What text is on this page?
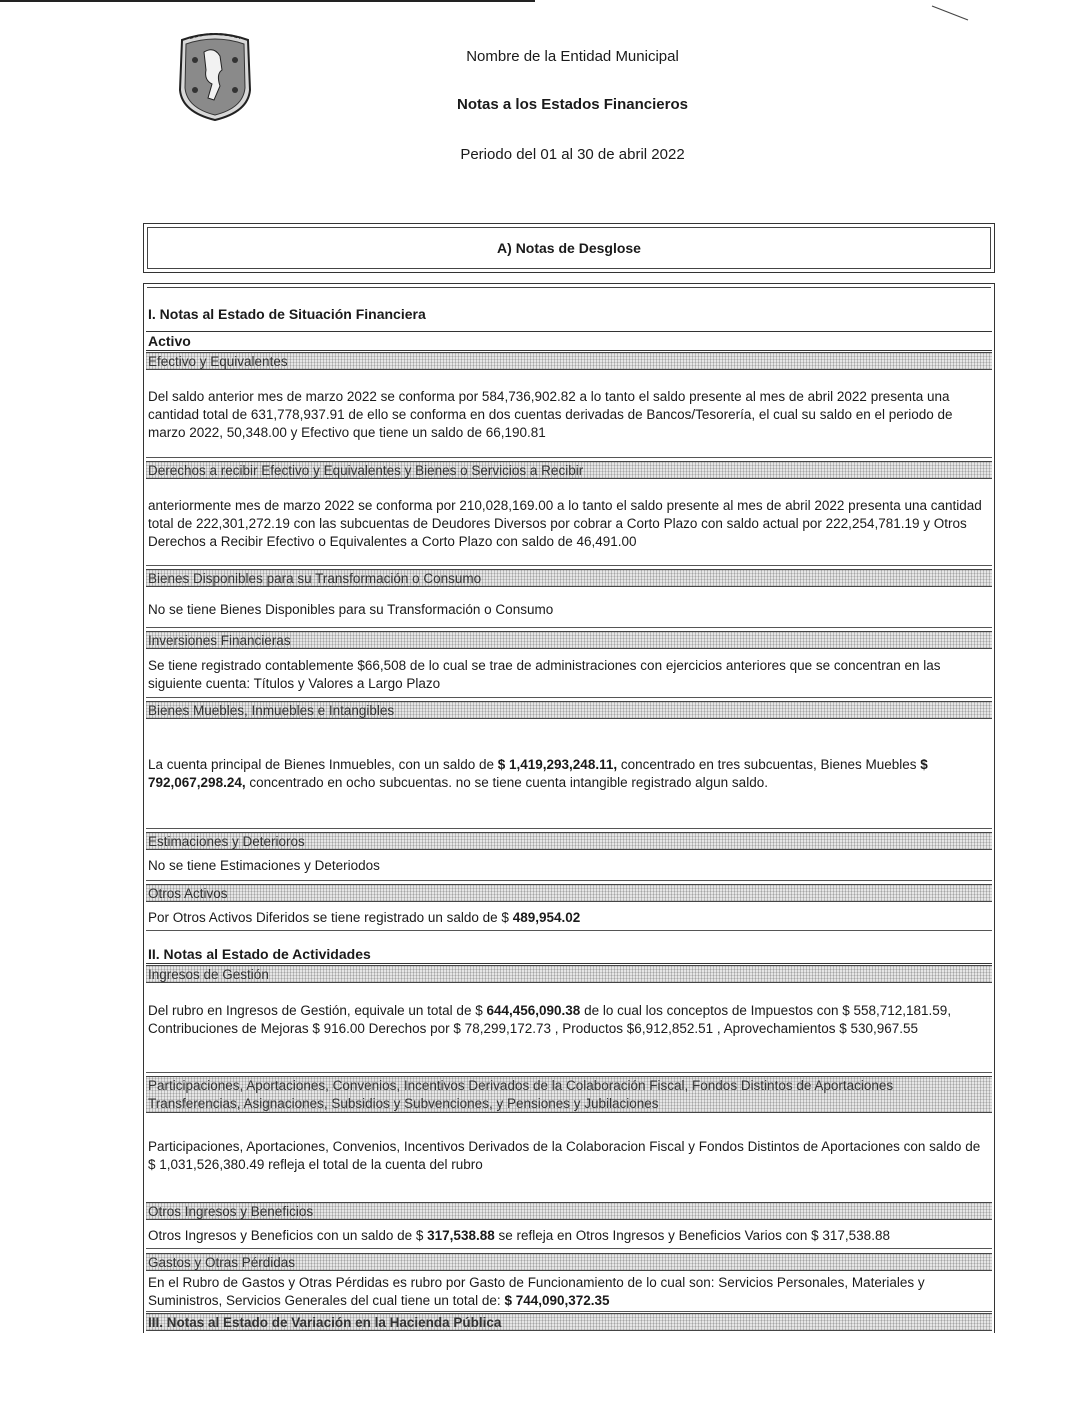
Nombre de la Entidad Municipal
Notas a los Estados Financieros
Periodo del 01 al 30 de abril 2022
A) Notas de Desglose
I. Notas al Estado de Situación Financiera
Activo
Efectivo y Equivalentes

Del saldo anterior mes de marzo 2022 se conforma por 584,736,902.82 a lo tanto el saldo presente al mes de abril 2022 presenta una cantidad total de 631,778,937.91 de ello se conforma en dos cuentas derivadas de Bancos/Tesorería, el cual su saldo en el periodo de marzo 2022, 50,348.00 y Efectivo que tiene un saldo de 66,190.81

Derechos a recibir Efectivo y Equivalentes y Bienes o Servicios a Recibir

anteriormente mes de marzo 2022 se conforma por 210,028,169.00 a lo tanto el saldo presente al mes de abril 2022 presenta una cantidad total de 222,301,272.19 con las subcuentas de Deudores Diversos por cobrar a Corto Plazo con saldo actual por 222,254,781.19 y Otros Derechos a Recibir Efectivo o Equivalentes a Corto Plazo con saldo de 46,491.00

Bienes Disponibles para su Transformación o Consumo

No se tiene Bienes Disponibles para su Transformación o Consumo

Inversiones Financieras

Se tiene registrado contablemente $66,508 de lo cual se trae de administraciones con ejercicios anteriores que se concentran en las siguiente cuenta: Títulos y Valores a Largo Plazo

Bienes Muebles, Inmuebles e Intangibles

La cuenta principal de Bienes Inmuebles, con un saldo de $ 1,419,293,248.11, concentrado en tres subcuentas, Bienes Muebles $ 792,067,298.24, concentrado en ocho subcuentas. no se tiene cuenta intangible registrado algun saldo.

Estimaciones y Deterioros

No se tiene Estimaciones y Deteriodos

Otros Activos

Por Otros Activos Diferidos se tiene registrado un saldo de $ 489,954.02

II. Notas al Estado de Actividades
Ingresos de Gestión

Del rubro en Ingresos de Gestión, equivale un total de $ 644,456,090.38 de lo cual los conceptos de Impuestos con $ 558,712,181.59, Contribuciones de Mejoras $ 916.00 Derechos por $ 78,299,172.73 , Productos $6,912,852.51 , Aprovechamientos $ 530,967.55

Participaciones, Aportaciones, Convenios, Incentivos Derivados de la Colaboración Fiscal, Fondos Distintos de Aportaciones
Transferencias, Asignaciones, Subsidios y Subvenciones, y Pensiones y Jubilaciones

Participaciones, Aportaciones, Convenios, Incentivos Derivados de la Colaboracion Fiscal y Fondos Distintos de Aportaciones con saldo de $ 1,031,526,380.49 refleja el total de la cuenta del rubro

Otros Ingresos y Beneficios

Otros Ingresos y Beneficios con un saldo de $ 317,538.88 se refleja en Otros Ingresos y Beneficios Varios con $ 317,538.88

Gastos y Otras Pérdidas

En el Rubro de Gastos y Otras Pérdidas es rubro por Gasto de Funcionamiento de lo cual son: Servicios Personales, Materiales y Suministros, Servicios Generales del cual tiene un total de: $ 744,090,372.35

III. Notas al Estado de Variación en la Hacienda Pública
